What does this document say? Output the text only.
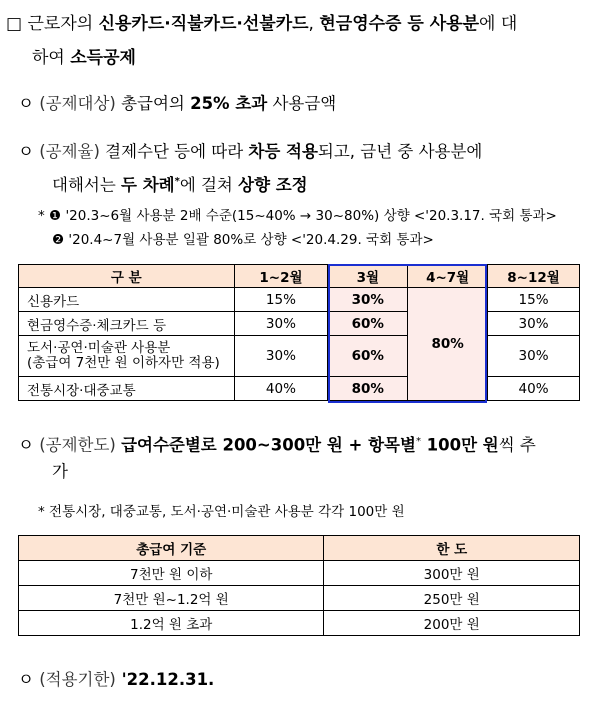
□ 근로자의 신용카드·직불카드·선불카드, 현금영수증 등 사용분에 대
하여 소득공제
ㅇ (공제대상) 총급여의 25% 초과 사용금액
ㅇ (공제율) 결제수단 등에 따라 차등 적용되고, 금년 중 사용분에
대해서는 두 차례*에 걸쳐 상향 조정
* ❶ '20.3~6월 사용분 2배 수준(15~40% → 30~80%) 상향 <'20.3.17. 국회 통과>
❷ '20.4~7월 사용분 일괄 80%로 상향 <'20.4.29. 국회 통과>
구 분	1~2월	3월	4~7월	8~12월
신용카드	15%	30%	80%	15%
현금영수증·체크카드 등	30%	60%		30%

도서·공연·미술관 사용분
(총급여 7천만 원 이하자만 적용)	30%	60%		30%
전통시장·대중교통	40%	80%		40%
ㅇ (공제한도) 급여수준별로 200~300만 원 + 항목별* 100만 원씩 추
가
* 전통시장, 대중교통, 도서·공연·미술관 사용분 각각 100만 원
총급여 기준	한 도
7천만 원 이하	300만 원
7천만 원~1.2억 원	250만 원
1.2억 원 초과	200만 원
ㅇ (적용기한) '22.12.31.
